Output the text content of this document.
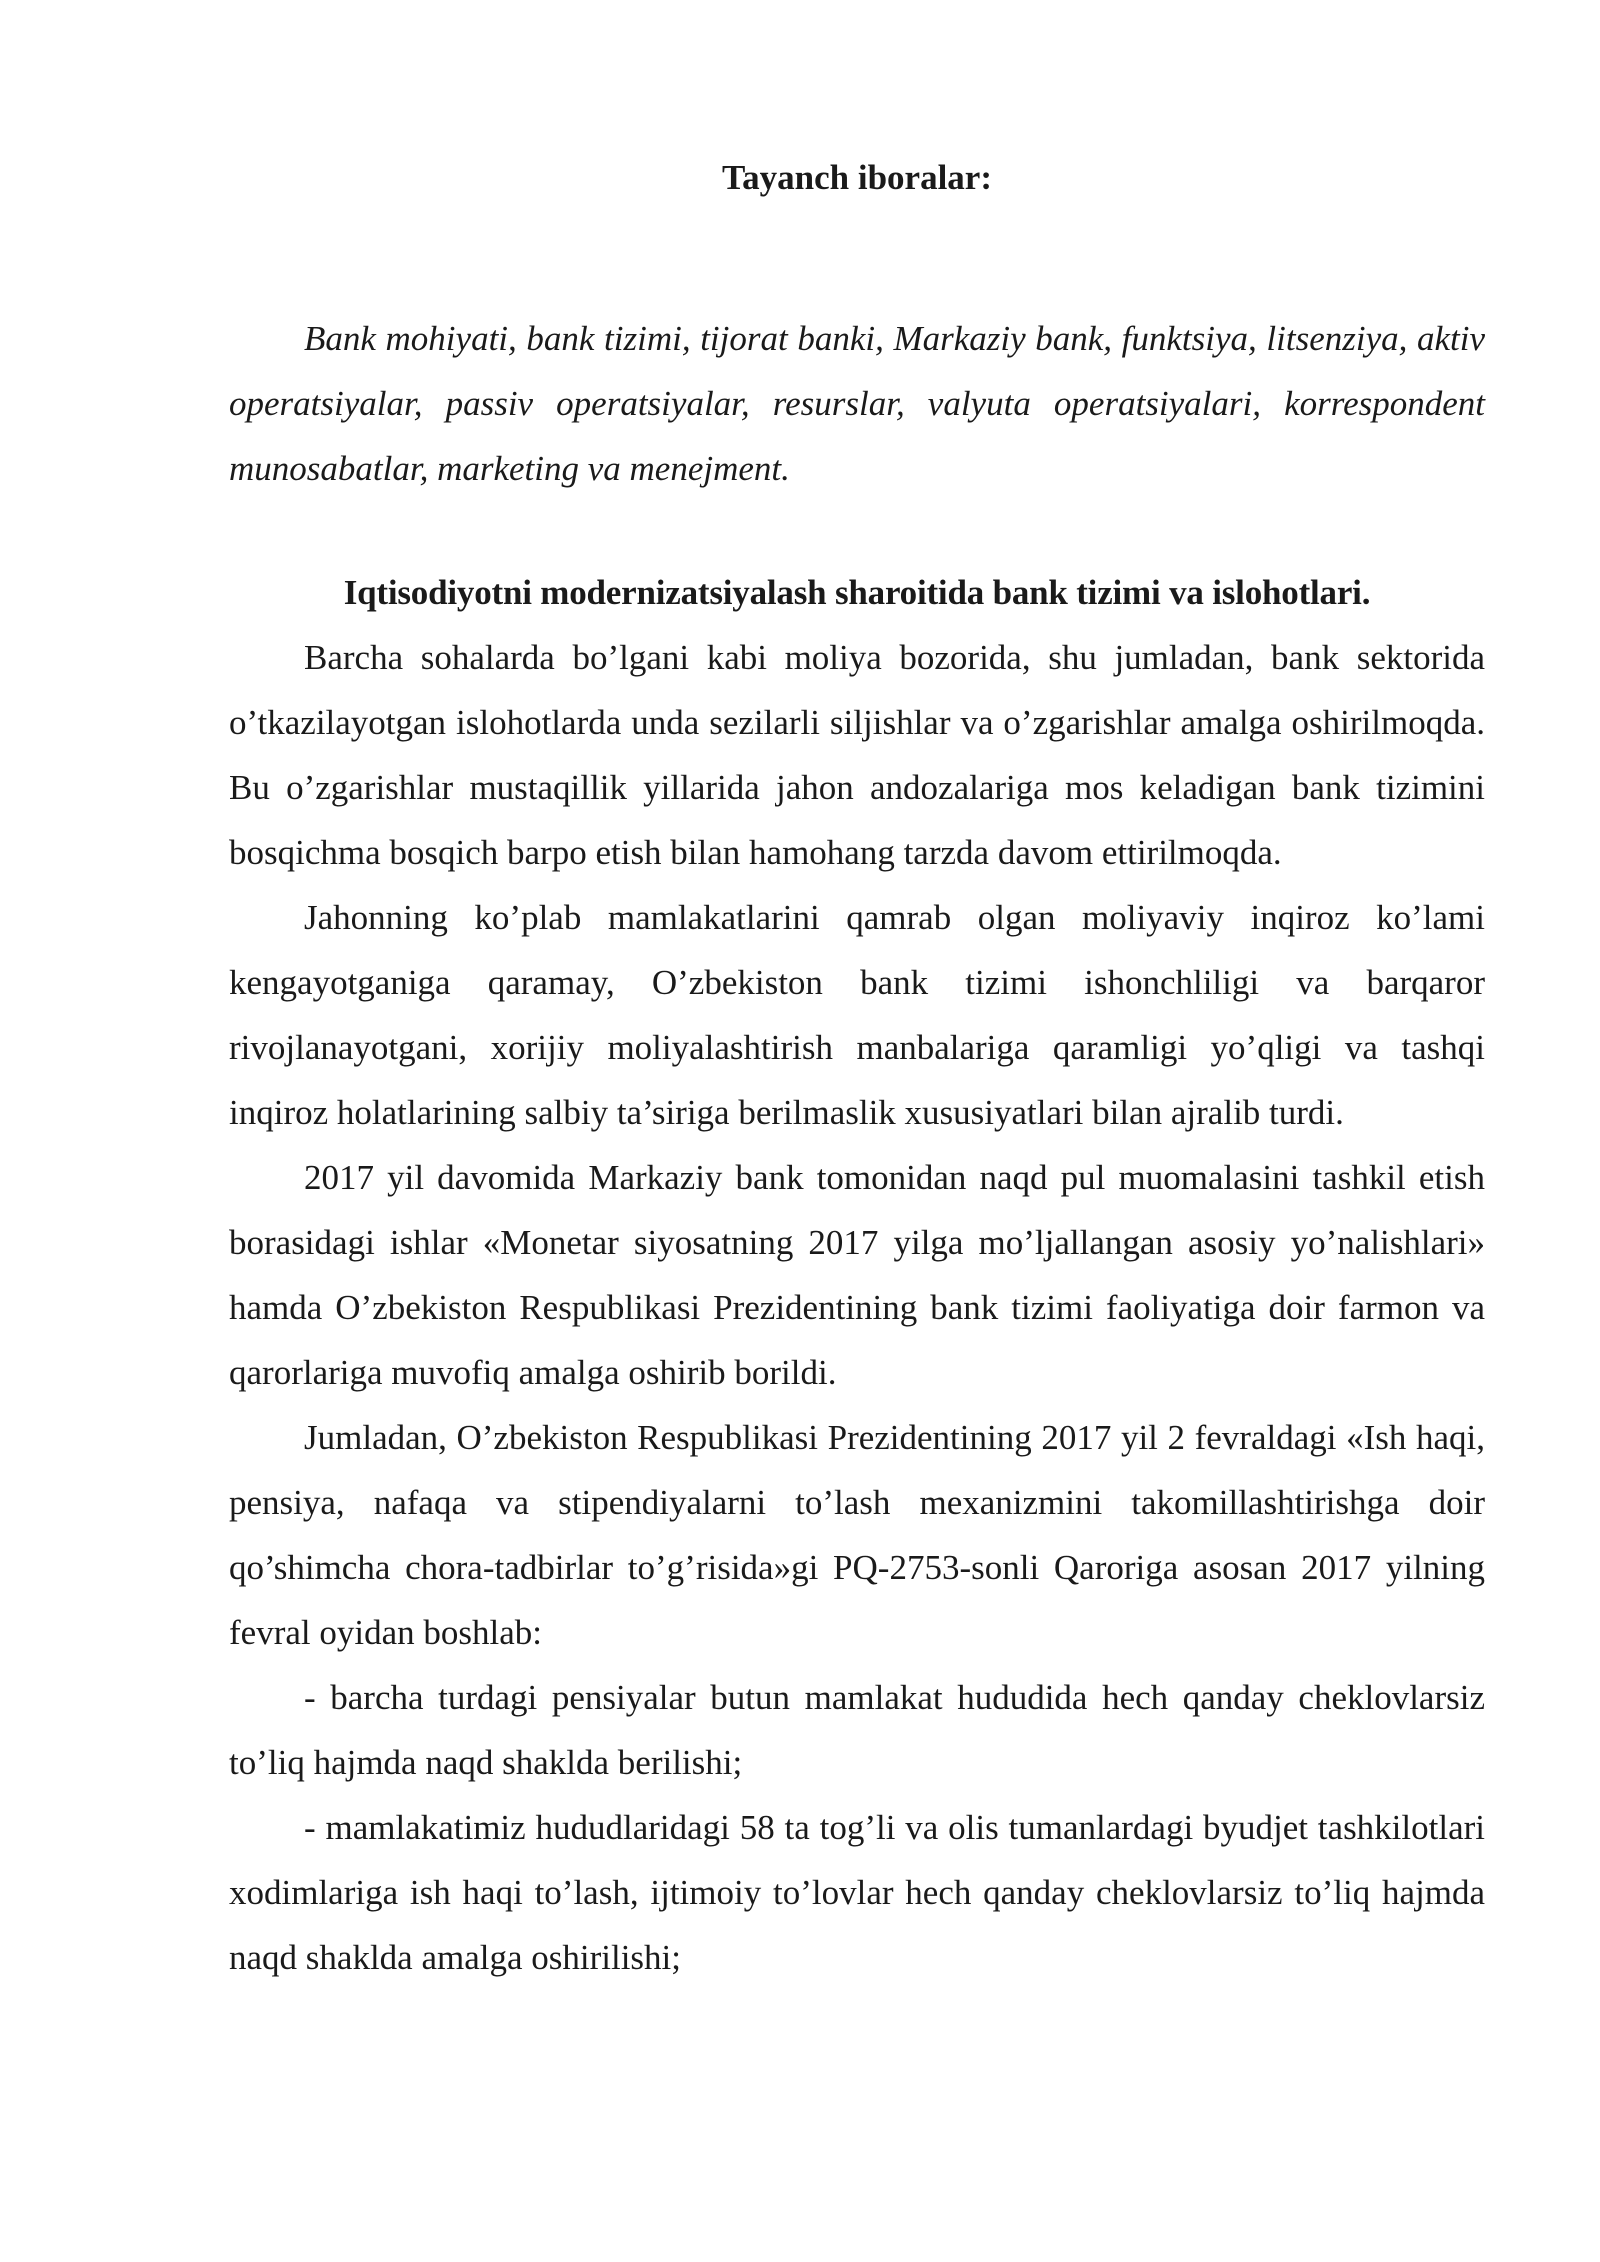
Tayanch iboralar:

Bank mohiyati, bank tizimi, tijorat banki, Markaziy bank, funktsiya, litsenziya, aktiv operatsiyalar, passiv operatsiyalar, resurslar, valyuta operatsiyalari, korrespondent munosabatlar, marketing va menejment.

Iqtisodiyotni modernizatsiyalash sharoitida bank tizimi va islohotlari.

Barcha sohalarda bo’lgani kabi moliya bozorida, shu jumladan, bank sektorida o’tkazilayotgan islohotlarda unda sezilarli siljishlar va o’zgarishlar amalga oshirilmoqda. Bu o’zgarishlar mustaqillik yillarida jahon andozalariga mos keladigan bank tizimini bosqichma bosqich barpo etish bilan hamohang tarzda davom ettirilmoqda.

Jahonning ko’plab mamlakatlarini qamrab olgan moliyaviy inqiroz ko’lami kengayotganiga qaramay, O’zbekiston bank tizimi ishonchliligi va barqaror rivojlanayotgani, xorijiy moliyalashtirish manbalariga qaramligi yo’qligi va tashqi inqiroz holatlarining salbiy ta’siriga berilmaslik xususiyatlari bilan ajralib turdi.

2017 yil davomida Markaziy bank tomonidan naqd pul muomalasini tashkil etish borasidagi ishlar «Monetar siyosatning 2017 yilga mo’ljallangan asosiy yo’nalishlari» hamda O’zbekiston Respublikasi Prezidentining bank tizimi faoliyatiga doir farmon va qarorlariga muvofiq amalga oshirib borildi.

Jumladan, O’zbekiston Respublikasi Prezidentining 2017 yil 2 fevraldagi «Ish haqi, pensiya, nafaqa va stipendiyalarni to’lash mexanizmini takomillashtirishga doir qo’shimcha chora-tadbirlar to’g’risida»gi PQ-2753-sonli Qaroriga asosan 2017 yilning fevral oyidan boshlab:

- barcha turdagi pensiyalar butun mamlakat hududida hech qanday cheklovlarsiz to’liq hajmda naqd shaklda berilishi;

- mamlakatimiz hududlaridagi 58 ta tog’li va olis tumanlardagi byudjet tashkilotlari xodimlariga ish haqi to’lash, ijtimoiy to’lovlar hech qanday cheklovlarsiz to’liq hajmda naqd shaklda amalga oshirilishi;
